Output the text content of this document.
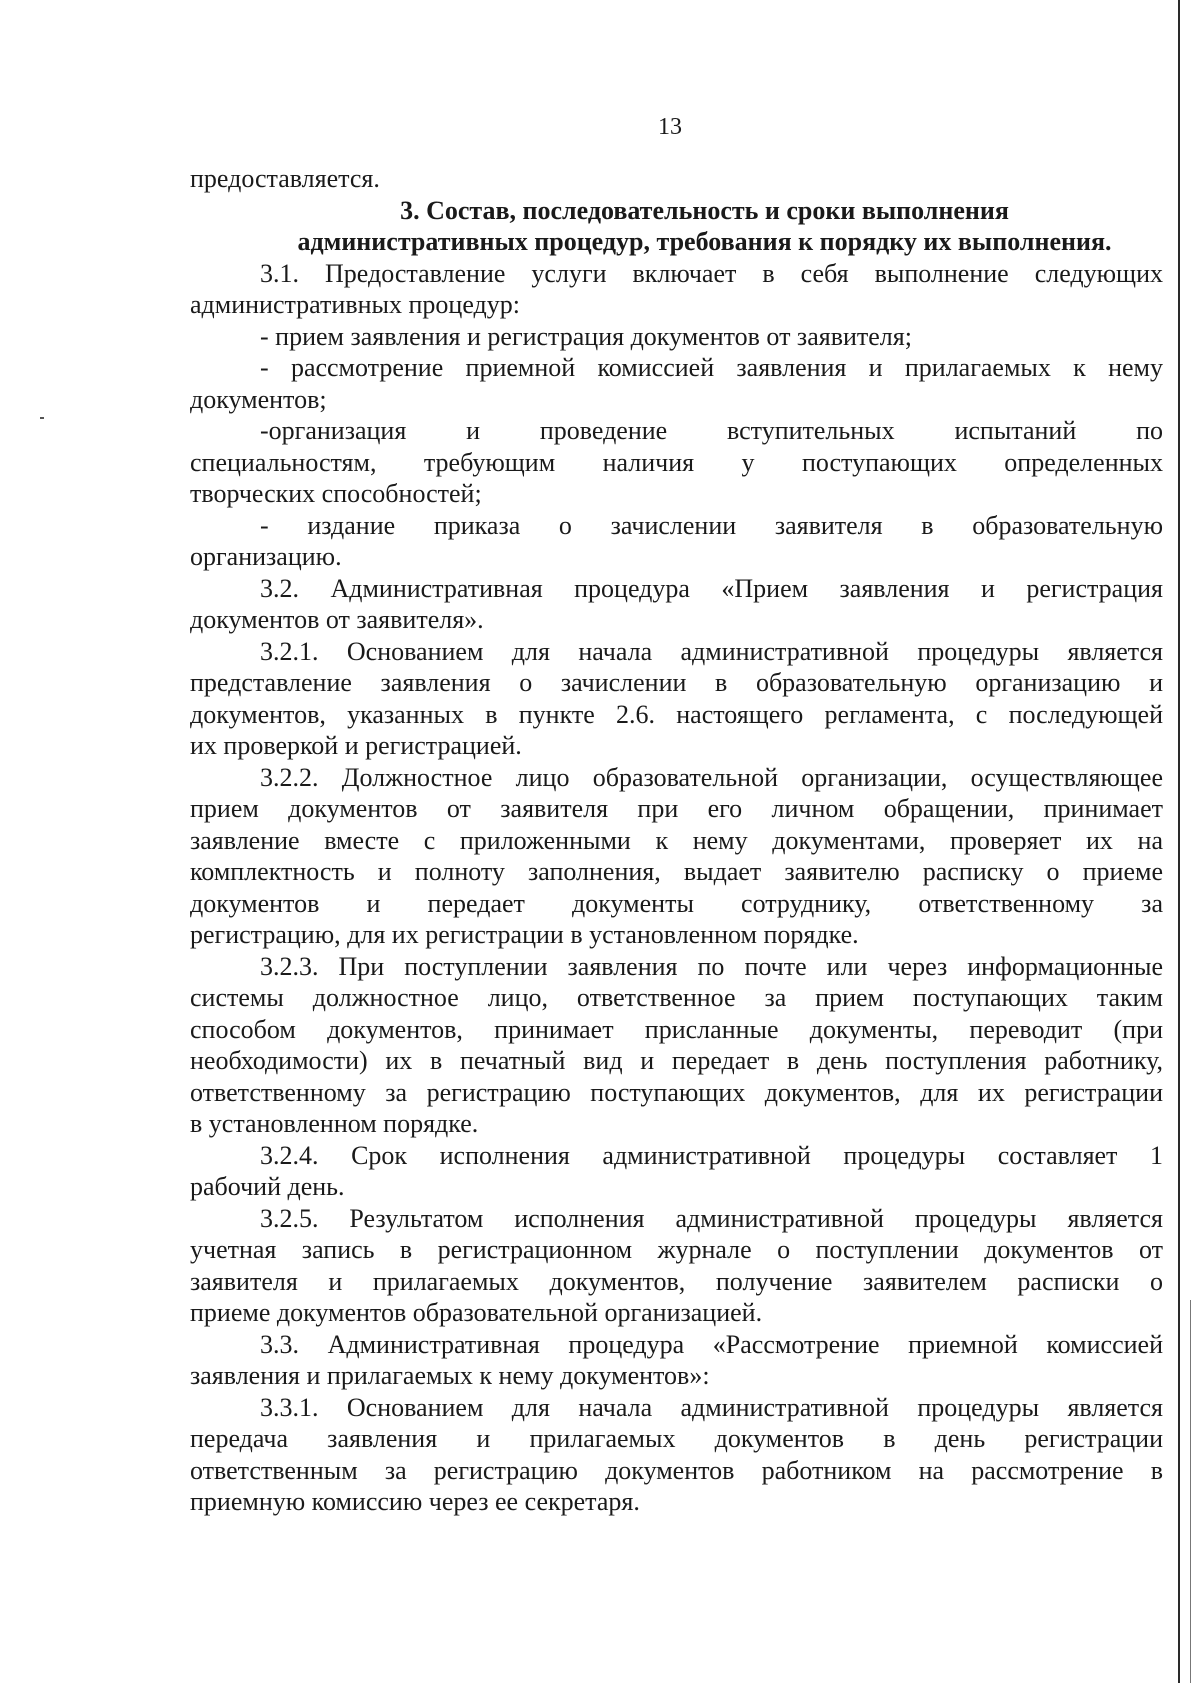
13
предоставляется.
3. Состав, последовательность и сроки выполнения
административных процедур, требования к порядку их выполнения.
3.1. Предоставление услуги включает в себя выполнение следующих
административных процедур:
- прием заявления и регистрация документов от заявителя;
- рассмотрение приемной комиссией заявления и прилагаемых к нему
документов;
-организация и проведение вступительных испытаний по
специальностям, требующим наличия у поступающих определенных
творческих способностей;
- издание приказа о зачислении заявителя в образовательную
организацию.
3.2. Административная процедура «Прием заявления и регистрация
документов от заявителя».
3.2.1. Основанием для начала административной процедуры является
представление заявления о зачислении в образовательную организацию и
документов, указанных в пункте 2.6. настоящего регламента, с последующей
их проверкой и регистрацией.
3.2.2. Должностное лицо образовательной организации, осуществляющее
прием документов от заявителя при его личном обращении, принимает
заявление вместе с приложенными к нему документами, проверяет их на
комплектность и полноту заполнения, выдает заявителю расписку о приеме
документов и передает документы сотруднику, ответственному за
регистрацию, для их регистрации в установленном порядке.
3.2.3. При поступлении заявления по почте или через информационные
системы должностное лицо, ответственное за прием поступающих таким
способом документов, принимает присланные документы, переводит (при
необходимости) их в печатный вид и передает в день поступления работнику,
ответственному за регистрацию поступающих документов, для их регистрации
в установленном порядке.
3.2.4. Срок исполнения административной процедуры составляет 1
рабочий день.
3.2.5. Результатом исполнения административной процедуры является
учетная запись в регистрационном журнале о поступлении документов от
заявителя и прилагаемых документов, получение заявителем расписки о
приеме документов образовательной организацией.
3.3. Административная процедура «Рассмотрение приемной комиссией
заявления и прилагаемых к нему документов»:
3.3.1. Основанием для начала административной процедуры является
передача заявления и прилагаемых документов в день регистрации
ответственным за регистрацию документов работником на рассмотрение в
приемную комиссию через ее секретаря.
